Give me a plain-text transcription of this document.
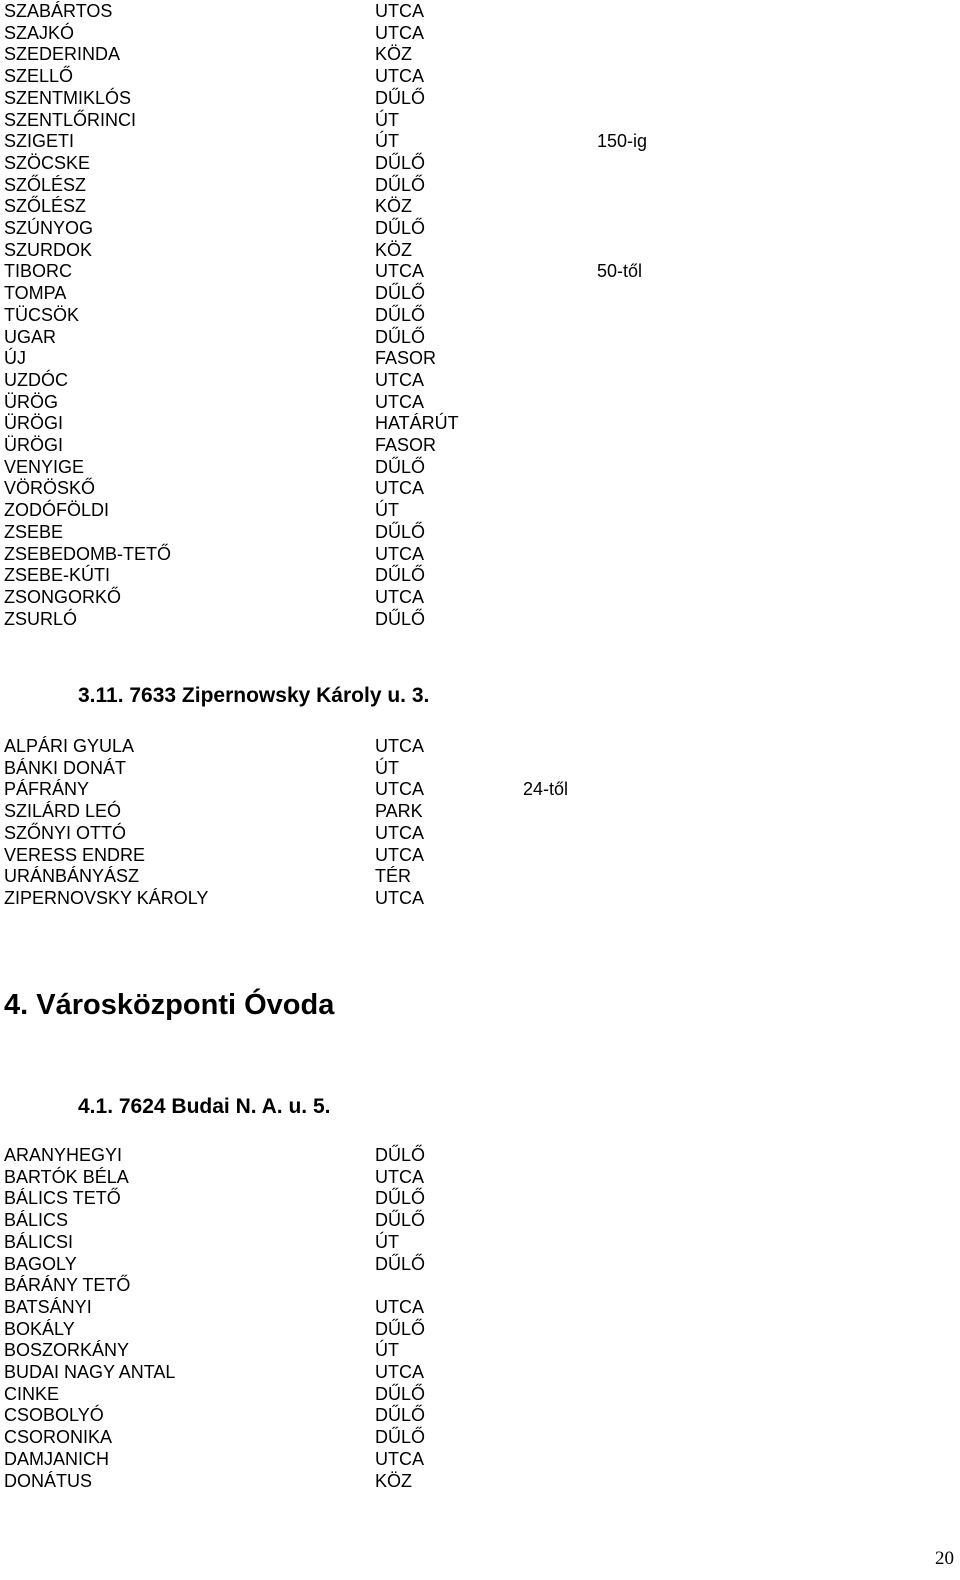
SZABÁRTOS	UTCA
SZAJKÓ	UTCA
SZEDERINDA	KÖZ
SZELLŐ	UTCA
SZENTMIKLÓS	DŰLŐ
SZENTLŐRINCI	ÚT
SZIGETI	ÚT	150-ig
SZÖCSKE	DŰLŐ
SZŐLÉSZ	DŰLŐ
SZŐLÉSZ	KÖZ
SZÚNYOG	DŰLŐ
SZURDOK	KÖZ
TIBORC	UTCA	50-től
TOMPA	DŰLŐ
TÜCSÖK	DŰLŐ
UGAR	DŰLŐ
ÚJ	FASOR
UZDÓC	UTCA
ÜRÖG	UTCA
ÜRÖGI	HATÁRÚT
ÜRÖGI	FASOR
VENYIGE	DŰLŐ
VÖRÖSKŐ	UTCA
ZODÓFÖLDI	ÚT
ZSEBE	DŰLŐ
ZSEBEDOMB-TETŐ	UTCA
ZSEBE-KÚTI	DŰLŐ
ZSONGORKŐ	UTCA
ZSURLÓ	DŰLŐ
3.11. 7633 Zipernowsky Károly u. 3.
ALPÁRI GYULA	UTCA
BÁNKI DONÁT	ÚT
PÁFRÁNY	UTCA	24-től
SZILÁRD LEÓ	PARK
SZŐNYI OTTÓ	UTCA
VERESS ENDRE	UTCA
URÁNBÁNYÁSZ	TÉR
ZIPERNOVSKY KÁROLY	UTCA
4. Városközponti Óvoda
4.1. 7624 Budai N. A. u. 5.
ARANYHEGYI	DŰLŐ
BARTÓK BÉLA	UTCA
BÁLICS TETŐ	DŰLŐ
BÁLICS	DŰLŐ
BÁLICSI	ÚT
BAGOLY	DŰLŐ
BÁRÁNY TETŐ
BATSÁNYI	UTCA
BOKÁLY	DŰLŐ
BOSZORKÁNY	ÚT
BUDAI NAGY ANTAL	UTCA
CINKE	DŰLŐ
CSOBOLYÓ	DŰLŐ
CSORONIKA	DŰLŐ
DAMJANICH	UTCA
DONÁTUS	KÖZ
20
